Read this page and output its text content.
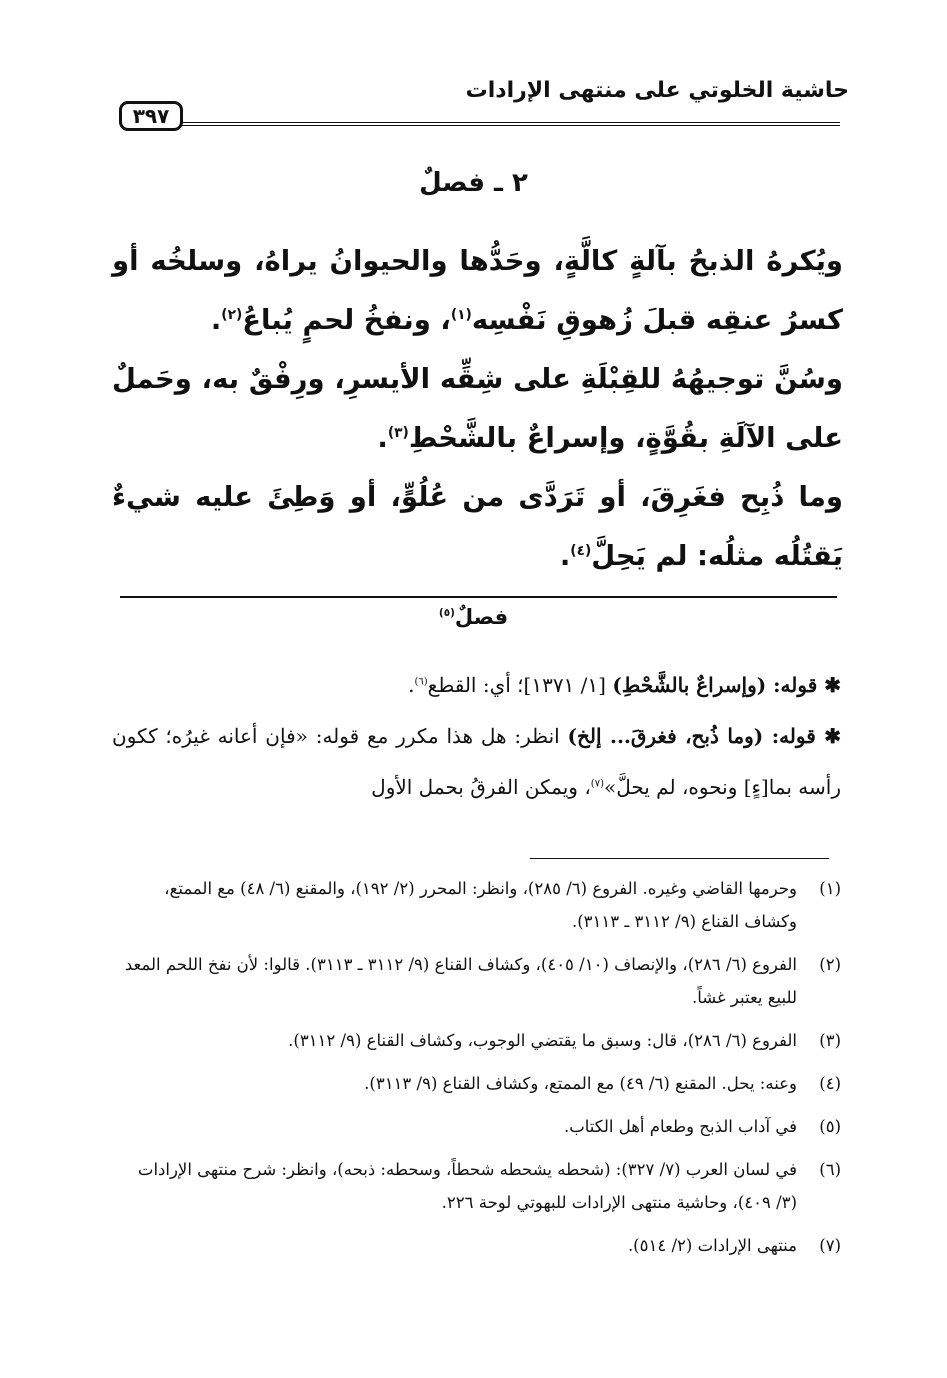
حاشية الخلوتي على منتهى الإرادات
٣٩٧
٢ ـ فصلٌ

ويُكرهُ الذبحُ بآلةٍ كالَّةٍ، وحَدُّها والحيوانُ يراهُ، وسلخُه أو كسرُ عنقِه قبلَ زُهوقِ نَفْسِه$^{(١)}$، ونفخُ لحمٍ يُباعُ$^{(٢)}$.

وسُنَّ توجيهُهُ للقِبْلَةِ على شِقِّه الأيسرِ، ورِفْقٌ به، وحَملٌ على الآلَةِ بقُوَّةٍ، وإسراعٌ بالشَّحْطِ$^{(٣)}$.

وما ذُبِح فغَرِقَ، أو تَرَدَّى من عُلُوٍّ، أو وَطِئَ عليه شيءٌ يَقتُلُه مثلُه: لم يَحِلَّ$^{(٤)}$.

فصلٌ$^{(٥)}$

✱ قوله: (وإسراعٌ بالشَّحْطِ) [١/ ١٣٧١]؛ أي: القطع$^{(٦)}$.

✱ قوله: (وما ذُبح، فغرقَ... إلخ) انظر: هل هذا مكرر مع قوله: «فإن أعانه غيرُه؛ ككون رأسه بما[ءٍ] ونحوه، لم يحلَّ»$^{(٧)}$، ويمكن الفرقُ بحمل الأول

(١)
وحرمها القاضي وغيره. الفروع (٦/ ٢٨٥)، وانظر: المحرر (٢/ ١٩٢)، والمقنع (٦/ ٤٨) مع الممتع، وكشاف القناع (٩/ ٣١١٢ ـ ٣١١٣).
(٢)
الفروع (٦/ ٢٨٦)، والإنصاف (١٠/ ٤٠٥)، وكشاف القناع (٩/ ٣١١٢ ـ ٣١١٣). قالوا: لأن نفخ اللحم المعد للبيع يعتبر غشاً.
(٣)
الفروع (٦/ ٢٨٦)، قال: وسبق ما يقتضي الوجوب، وكشاف القناع (٩/ ٣١١٢).
(٤)
وعنه: يحل. المقنع (٦/ ٤٩) مع الممتع، وكشاف القناع (٩/ ٣١١٣).
(٥)
في آداب الذبح وطعام أهل الكتاب.
(٦)
في لسان العرب (٧/ ٣٢٧): (شحطه يشحطه شحطاً، وسحطه: ذبحه)، وانظر: شرح منتهى الإرادات (٣/ ٤٠٩)، وحاشية منتهى الإرادات للبهوتي لوحة ٢٢٦.
(٧)
منتهى الإرادات (٢/ ٥١٤).
